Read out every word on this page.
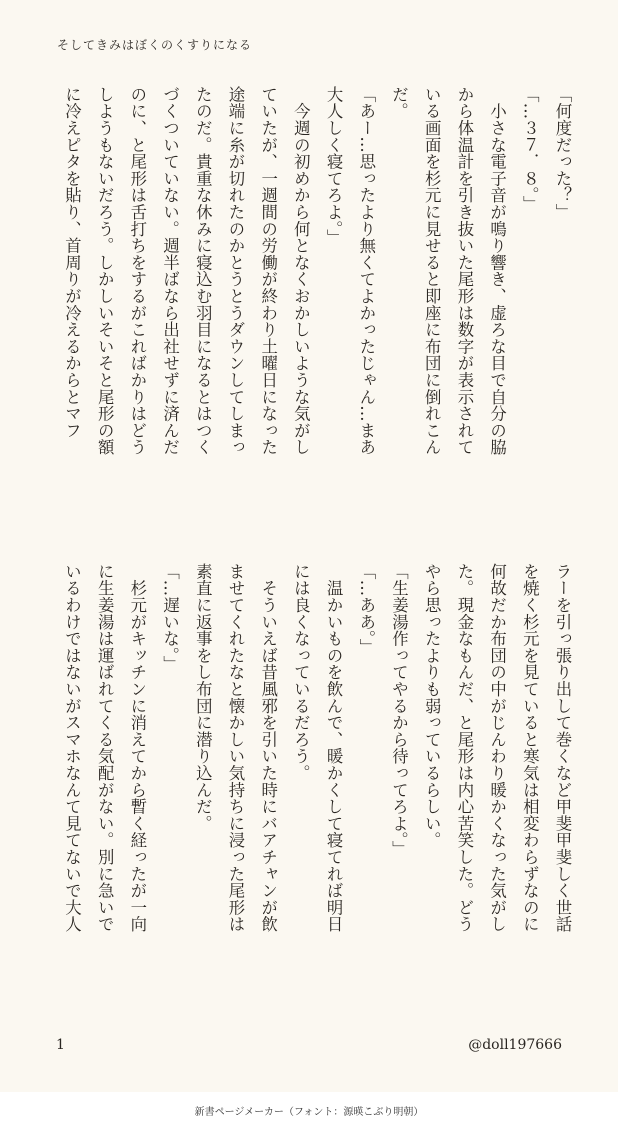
そしてきみはぼくのくすりになる
「何度だった？」
「…３７．８。」
　小さな電子音が鳴り響き、虚ろな目で自分の脇
から体温計を引き抜いた尾形は数字が表示されて
いる画面を杉元に見せると即座に布団に倒れこん
だ。
「あー…思ったより無くてよかったじゃん…まあ
大人しく寝てろよ。」
　今週の初めから何となくおかしいような気がし
ていたが、一週間の労働が終わり土曜日になった
途端に糸が切れたのかとうとうダウンしてしまっ
たのだ。貴重な休みに寝込む羽目になるとはつく
づくついていない。週半ばなら出社せずに済んだ
のに、と尾形は舌打ちをするがこればかりはどう
しようもないだろう。しかしいそいそと尾形の額
に冷えピタを貼り、首周りが冷えるからとマフ
ラーを引っ張り出して巻くなど甲斐甲斐しく世話
を焼く杉元を見ていると寒気は相変わらずなのに
何故だか布団の中がじんわり暖かくなった気がし
た。現金なもんだ、と尾形は内心苦笑した。どう
やら思ったよりも弱っているらしい。
「生姜湯作ってやるから待ってろよ。」
「…ああ。」
　温かいものを飲んで、暖かくして寝てれば明日
には良くなっているだろう。
　そういえば昔風邪を引いた時にバアチャンが飲
ませてくれたなと懐かしい気持ちに浸った尾形は
素直に返事をし布団に潜り込んだ。
「…遅いな。」
　杉元がキッチンに消えてから暫く経ったが一向
に生姜湯は運ばれてくる気配がない。別に急いで
いるわけではないがスマホなんて見てないで大人
1	@doll197666
新書ページメーカー（フォント：源暎こぶり明朝）
